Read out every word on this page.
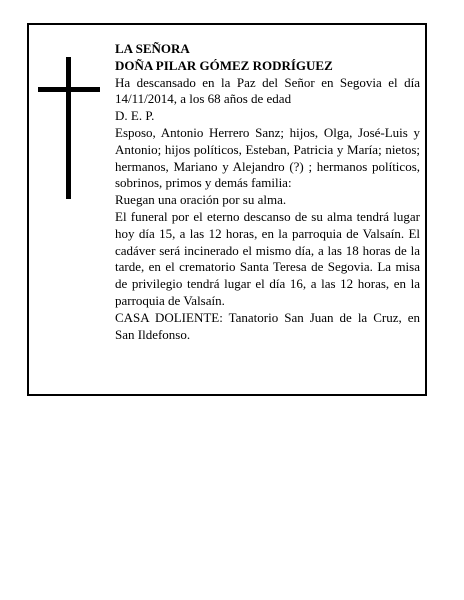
LA SEÑORA

DOÑA PILAR GÓMEZ RODRÍGUEZ

Ha descansado en la Paz del Señor en Segovia el día 14/11/2014, a los 68 años de edad

D. E. P.

Esposo, Antonio Herrero Sanz; hijos, Olga, José-Luis y Antonio; hijos políticos, Esteban, Patricia y María; nietos; hermanos, Mariano y Alejandro (?) ; hermanos políticos, sobrinos, primos y demás familia:

Ruegan una oración por su alma.

El funeral por el eterno descanso de su alma tendrá lugar hoy día 15, a las 12 horas, en la parroquia de Valsaín. El cadáver será incinerado el mismo día, a las 18 horas de la tarde, en el crematorio Santa Teresa de Segovia. La misa de privilegio tendrá lugar el día 16, a las 12 horas, en la parroquia de Valsaín.

CASA DOLIENTE: Tanatorio San Juan de la Cruz, en San Ildefonso.
